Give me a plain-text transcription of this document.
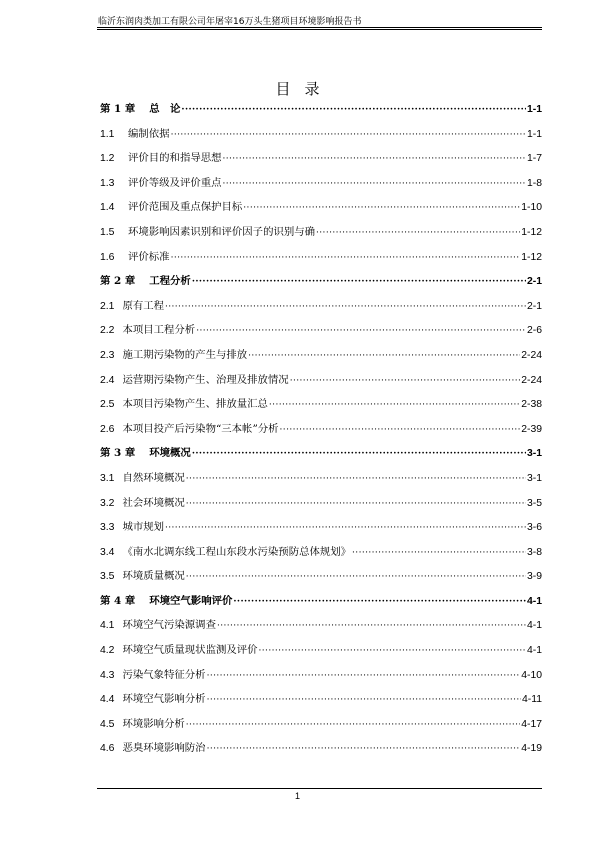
临沂东润肉类加工有限公司年屠宰16万头生猪项目环境影响报告书
目录
第 1 章 总　论 ·····	1-1
1.1	编制依据 ·····	1-1
1.2	评价目的和指导思想 ·····	1-7
1.3	评价等级及评价重点 ·····	1-8
1.4	评价范围及重点保护目标 ·····	1-10
1.5	环境影响因素识别和评价因子的识别与确 ·····	1-12
1.6	评价标准 ·····	1-12
第 2 章 工程分析 ·····	2-1
2.1 原有工程 ·····	2-1
2.2 本项目工程分析 ·····	2-6
2.3 施工期污染物的产生与排放 ·····	2-24
2.4 运营期污染物产生、治理及排放情况 ·····	2-24
2.5 本项目污染物产生、排放量汇总 ·····	2-38
2.6 本项目投产后污染物“三本帐”分析 ·····	2-39
第 3 章 环境概况 ·····	3-1
3.1 自然环境概况 ·····	3-1
3.2 社会环境概况 ·····	3-5
3.3 城市规划 ·····	3-6
3.4 《南水北调东线工程山东段水污染预防总体规划》 ·····	3-8
3.5 环境质量概况 ·····	3-9
第 4 章 环境空气影响评价 ·····	4-1
4.1 环境空气污染源调查 ·····	4-1
4.2 环境空气质量现状监测及评价 ·····	4-1
4.3 污染气象特征分析 ·····	4-10
4.4 环境空气影响分析 ·····	4-11
4.5 环境影响分析 ·····	4-17
4.6 恶臭环境影响防治 ·····	4-19
1
